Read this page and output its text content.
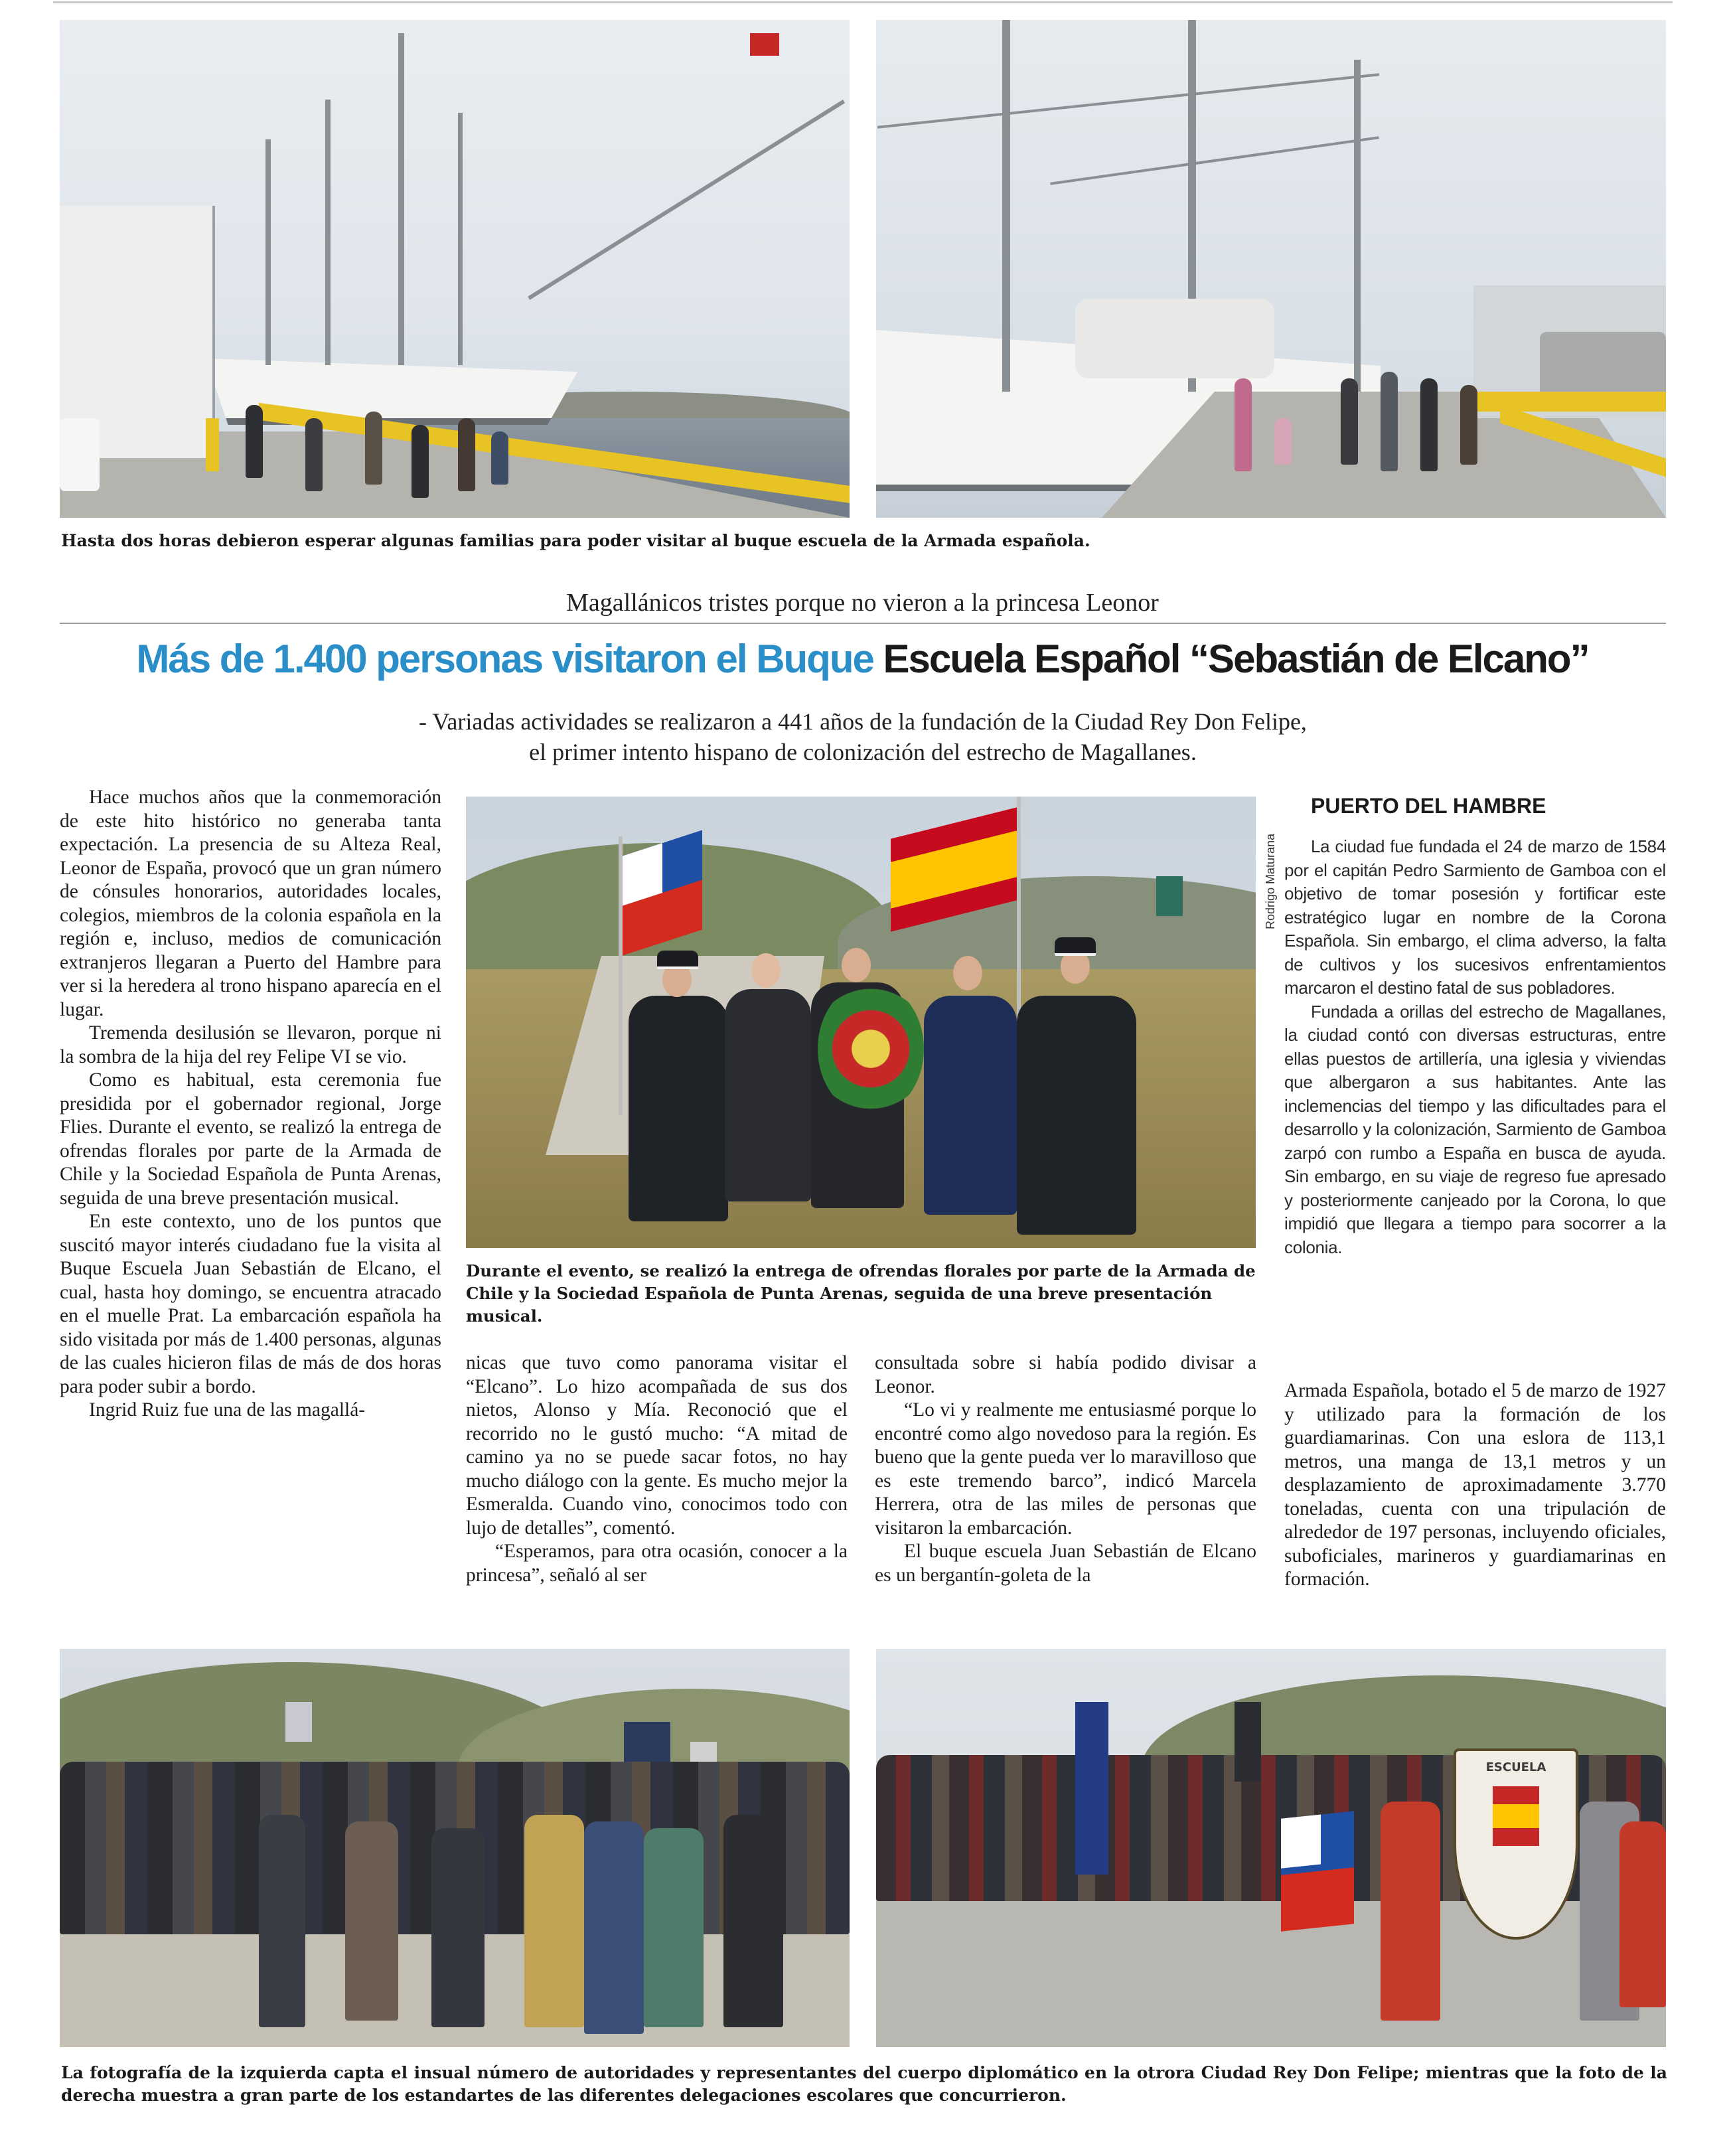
Hasta dos horas debieron esperar algunas familias para poder visitar al buque escuela de la Armada española.
Magallánicos tristes porque no vieron a la princesa Leonor
Más de 1.400 personas visitaron el Buque Escuela Español “Sebastián de Elcano”
- Variadas actividades se realizaron a 441 años de la fundación de la Ciudad Rey Don Felipe,
el primer intento hispano de colonización del estrecho de Magallanes.

Hace muchos años que la conmemoración de este hito histórico no generaba tanta expectación. La presencia de su Alteza Real, Leonor de España, provocó que un gran número de cónsules honorarios, autoridades locales, colegios, miembros de la colonia española en la región e, incluso, medios de comunicación extranjeros llegaran a Puerto del Hambre para ver si la heredera al trono hispano aparecía en el lugar.

Tremenda desilusión se llevaron, porque ni la sombra de la hija del rey Felipe VI se vio.

Como es habitual, esta ceremonia fue presidida por el gobernador regional, Jorge Flies. Durante el evento, se realizó la entrega de ofrendas florales por parte de la Armada de Chile y la Sociedad Española de Punta Arenas, seguida de una breve presentación musical.

En este contexto, uno de los puntos que suscitó mayor interés ciudadano fue la visita al Buque Escuela Juan Sebastián de Elcano, el cual, hasta hoy domingo, se encuentra atracado en el muelle Prat. La embarcación española ha sido visitada por más de 1.400 personas, algunas de las cuales hicieron filas de más de dos horas para poder subir a bordo.

Ingrid Ruiz fue una de las magallá-

Rodrigo Maturana
Durante el evento, se realizó la entrega de ofrendas florales por parte de la Armada de Chile y la Sociedad Española de Punta Arenas, seguida de una breve presentación musical.
PUERTO DEL HAMBRE

La ciudad fue fundada el 24 de marzo de 1584 por el capitán Pedro Sarmiento de Gamboa con el objetivo de tomar posesión y fortificar este estratégico lugar en nombre de la Corona Española. Sin embargo, el clima adverso, la falta de cultivos y los sucesivos enfrentamientos marcaron el destino fatal de sus pobladores.

Fundada a orillas del estrecho de Magallanes, la ciudad contó con diversas estructuras, entre ellas puestos de artillería, una iglesia y viviendas que albergaron a sus habitantes. Ante las inclemencias del tiempo y las dificultades para el desarrollo y la colonización, Sarmiento de Gamboa zarpó con rumbo a España en busca de ayuda. Sin embargo, en su viaje de regreso fue apresado y posteriormente canjeado por la Corona, lo que impidió que llegara a tiempo para socorrer a la colonia.

nicas que tuvo como panorama visitar el “Elcano”. Lo hizo acompañada de sus dos nietos, Alonso y Mía. Reconoció que el recorrido no le gustó mucho: “A mitad de camino ya no se puede sacar fotos, no hay mucho diálogo con la gente. Es mucho mejor la Esmeralda. Cuando vino, conocimos todo con lujo de detalles”, comentó.

“Esperamos, para otra ocasión, conocer a la princesa”, señaló al ser

consultada sobre si había podido divisar a Leonor.

“Lo vi y realmente me entusiasmé porque lo encontré como algo novedoso para la región. Es bueno que la gente pueda ver lo maravilloso que es este tremendo barco”, indicó Marcela Herrera, otra de las miles de personas que visitaron la embarcación.

El buque escuela Juan Sebastián de Elcano es un bergantín-goleta de la

Armada Española, botado el 5 de marzo de 1927 y utilizado para la formación de los guardiamarinas. Con una eslora de 113,1 metros, una manga de 13,1 metros y un desplazamiento de aproximadamente 3.770 toneladas, cuenta con una tripulación de alrededor de 197 personas, incluyendo oficiales, suboficiales, marineros y guardiamarinas en formación.

ESCUELA
La fotografía de la izquierda capta el insual número de autoridades y representantes del cuerpo diplomático en la otrora Ciudad Rey Don Felipe; mientras que la foto de la derecha muestra a gran parte de los estandartes de las diferentes delegaciones escolares que concurrieron.
